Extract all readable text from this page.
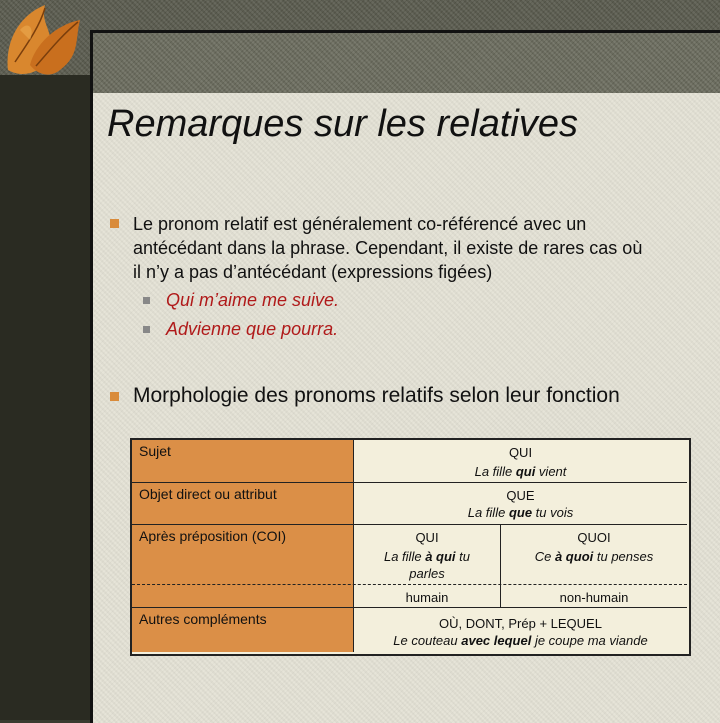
Remarques sur les relatives
Le pronom relatif est généralement co-référencé avec un
antécédant dans la phrase. Cependant, il existe de rares cas où
il n’y a pas d’antécédant (expressions figées)
Qui m’aime me suive.
Advienne que pourra.
Morphologie des pronoms relatifs selon leur fonction
Sujet
Objet direct ou attribut
Après préposition (COI)
Autres compléments
QUI
La fille qui vient
QUE
La fille que tu vois
QUI
La fille à qui tu
parles
humain
QUOI
Ce à quoi tu penses
non-humain
OÙ, DONT, Prép + LEQUEL
Le couteau avec lequel je coupe ma viande
